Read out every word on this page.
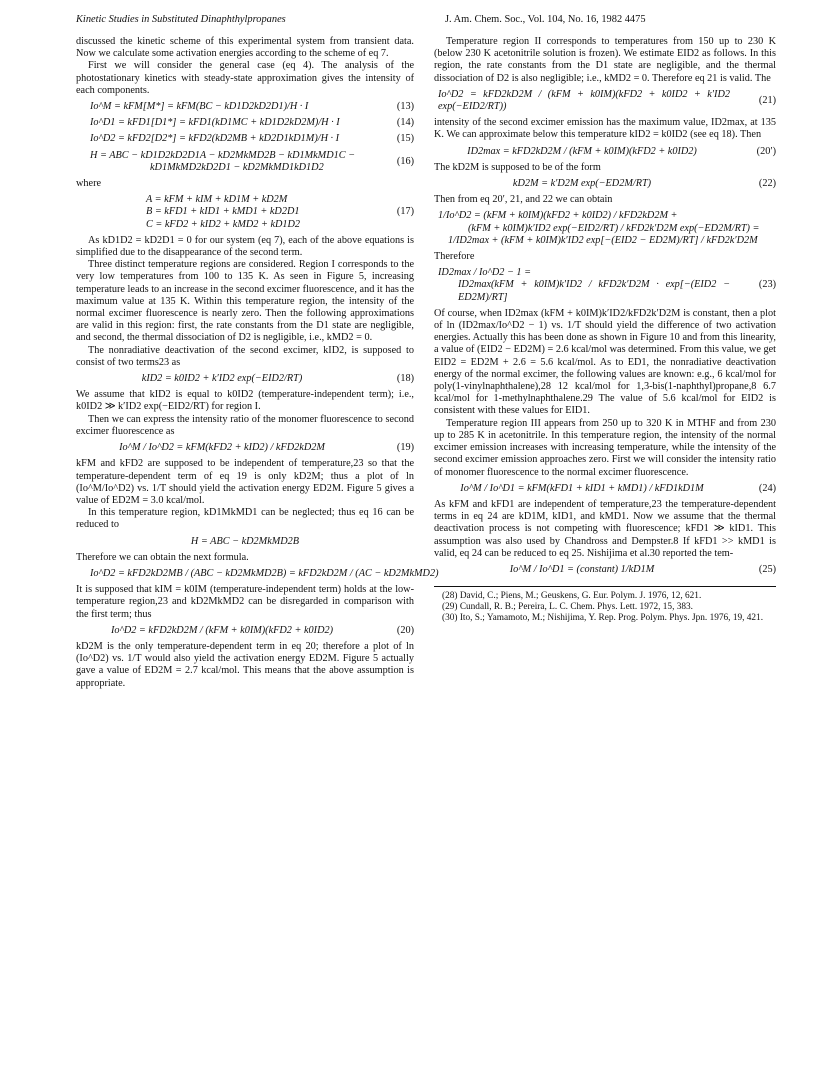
Kinetic Studies in Substituted Dinaphthylpropanes	J. Am. Chem. Soc., Vol. 104, No. 16, 1982 4475

discussed the kinetic scheme of this experimental system from transient data. Now we calculate some activation energies according to the scheme of eq 7.

First we will consider the general case (eq 4). The analysis of the photostationary kinetics with steady-state approximation gives the intensity of each components.

Io^M = kFM[M*] = kFM(BC − kD1D2kD2D1)/H · I	(13)
Io^D1 = kFD1[D1*] = kFD1(kD1MC + kD1D2kD2M)/H · I	(14)
Io^D2 = kFD2[D2*] = kFD2(kD2MB + kD2D1kD1M)/H · I	(15)
H = ABC − kD1D2kD2D1A − kD2MkMD2B − kD1MkMD1C −
kD1MkMD2kD2D1 − kD2MkMD1kD1D2
(16)

where

A = kFM + kIM + kD1M + kD2M
B = kFD1 + kID1 + kMD1 + kD2D1
C = kFD2 + kID2 + kMD2 + kD1D2
(17)

As kD1D2 = kD2D1 = 0 for our system (eq 7), each of the above equations is simplified due to the disappearance of the second term.

Three distinct temperature regions are considered. Region I corresponds to the very low temperatures from 100 to 135 K. As seen in Figure 5, increasing temperature leads to an increase in the second excimer fluorescence, and it has the maximum value at 135 K. Within this temperature region, the intensity of the normal excimer fluorescence is nearly zero. Then the following approximations are valid in this region: first, the rate constants from the D1 state are negligible, and second, the thermal dissociation of D2 is negligible, i.e., kMD2 = 0.

The nonradiative deactivation of the second excimer, kID2, is supposed to consist of two terms23 as

kID2 = k0ID2 + k′ID2 exp(−EID2/RT)	(18)

We assume that kID2 is equal to k0ID2 (temperature-independent term); i.e., k0ID2 ≫ k′ID2 exp(−EID2/RT) for region I.

Then we can express the intensity ratio of the monomer fluorescence to second excimer fluorescence as

Io^M / Io^D2 = kFM(kFD2 + kID2) / kFD2kD2M	(19)

kFM and kFD2 are supposed to be independent of temperature,23 so that the temperature-dependent term of eq 19 is only kD2M; thus a plot of ln (Io^M/Io^D2) vs. 1/T should yield the activation energy ED2M. Figure 5 gives a value of ED2M = 3.0 kcal/mol.

In this temperature region, kD1MkMD1 can be neglected; thus eq 16 can be reduced to

H = ABC − kD2MkMD2B

Therefore we can obtain the next formula.

Io^D2 = kFD2kD2MB / (ABC − kD2MkMD2B) = kFD2kD2M / (AC − kD2MkMD2)

It is supposed that kIM = k0IM (temperature-independent term) holds at the low-temperature region,23 and kD2MkMD2 can be disregarded in comparison with the first term; thus

Io^D2 = kFD2kD2M / (kFM + k0IM)(kFD2 + k0ID2)	(20)

kD2M is the only temperature-dependent term in eq 20; therefore a plot of ln (Io^D2) vs. 1/T would also yield the activation energy ED2M. Figure 5 actually gave a value of ED2M = 2.7 kcal/mol. This means that the above assumption is appropriate.

Temperature region II corresponds to temperatures from 150 up to 230 K (below 230 K acetonitrile solution is frozen). We estimate EID2 as follows. In this region, the rate constants from the D1 state are negligible, and the thermal dissociation of D2 is also negligible; i.e., kMD2 = 0. Therefore eq 21 is valid. The

Io^D2 = kFD2kD2M / (kFM + k0IM)(kFD2 + k0ID2 + k′ID2 exp(−EID2/RT))
(21)

intensity of the second excimer emission has the maximum value, ID2max, at 135 K. We can approximate below this temperature kID2 = k0ID2 (see eq 18). Then

ID2max = kFD2kD2M / (kFM + k0IM)(kFD2 + k0ID2)	(20′)

The kD2M is supposed to be of the form

kD2M = k′D2M exp(−ED2M/RT)	(22)

Then from eq 20′, 21, and 22 we can obtain

1/Io^D2 = (kFM + k0IM)(kFD2 + k0ID2) / kFD2kD2M +
(kFM + k0IM)k′ID2 exp(−EID2/RT) / kFD2k′D2M exp(−ED2M/RT) =
1/ID2max + (kFM + k0IM)k′ID2 exp[−(EID2 − ED2M)/RT] / kFD2k′D2M

Therefore

ID2max / Io^D2 − 1 =
ID2max(kFM + k0IM)k′ID2 / kFD2k′D2M · exp[−(EID2 − ED2M)/RT]
(23)

Of course, when ID2max (kFM + k0IM)k′ID2/kFD2k′D2M is constant, then a plot of ln (ID2max/Io^D2 − 1) vs. 1/T should yield the difference of two activation energies. Actually this has been done as shown in Figure 10 and from this linearity, a value of (EID2 − ED2M) = 2.6 kcal/mol was determined. From this value, we get EID2 = ED2M + 2.6 = 5.6 kcal/mol. As to ED1, the nonradiative deactivation energy of the normal excimer, the following values are known: e.g., 6 kcal/mol for poly(1-vinylnaphthalene),28 12 kcal/mol for 1,3-bis(1-naphthyl)propane,8 6.7 kcal/mol for 1-methylnaphthalene.29 The value of 5.6 kcal/mol for EID2 is consistent with these values for EID1.

Temperature region III appears from 250 up to 320 K in MTHF and from 230 up to 285 K in acetonitrile. In this temperature region, the intensity of the normal excimer emission increases with increasing temperature, while the intensity of the second excimer emission approaches zero. First we will consider the intensity ratio of monomer fluorescence to the normal excimer fluorescence.

Io^M / Io^D1 = kFM(kFD1 + kID1 + kMD1) / kFD1kD1M	(24)

As kFM and kFD1 are independent of temperature,23 the temperature-dependent terms in eq 24 are kD1M, kID1, and kMD1. Now we assume that the thermal deactivation process is not competing with fluorescence; kFD1 ≫ kID1. This assumption was also used by Chandross and Dempster.8 If kFD1 >> kMD1 is valid, eq 24 can be reduced to eq 25. Nishijima et al.30 reported the tem-

Io^M / Io^D1 = (constant) 1/kD1M	(25)

(28) David, C.; Piens, M.; Geuskens, G. Eur. Polym. J. 1976, 12, 621.

(29) Cundall, R. B.; Pereira, L. C. Chem. Phys. Lett. 1972, 15, 383.

(30) Ito, S.; Yamamoto, M.; Nishijima, Y. Rep. Prog. Polym. Phys. Jpn. 1976, 19, 421.
